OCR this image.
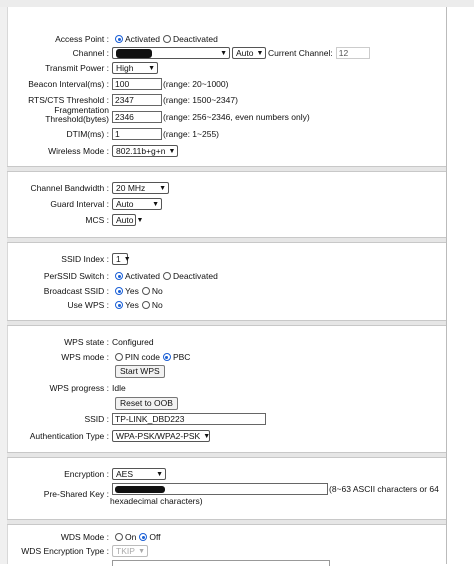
Access Point : Activated Deactivated
Channel :	▼ Auto ▼ Current Channel: 12
Transmit Power : High	▼
Beacon Interval(ms) : 100	(range: 20~1000)
RTS/CTS Threshold : 2347	(range: 1500~2347)
Fragmentation
Threshold(bytes) 2346	(range: 256~2346, even numbers only)
DTIM(ms) : 1	(range: 1~255)
Wireless Mode : 802.11b+g+n ▼
Channel Bandwidth : 20 MHz	▼
Guard Interval : Auto	▼
MCS : Auto ▼
SSID Index : 1 ▼
PerSSID Switch : Activated Deactivated
Broadcast SSID : Yes No
Use WPS : Yes No
WPS state : Configured
WPS mode : PIN code PBC
Start WPS
WPS progress : Idle
Reset to OOB
SSID : TP-LINK_DBD223
Authentication Type : WPA-PSK/WPA2-PSK ▼
Encryption : AES	▼
Pre-Shared Key :	(8~63 ASCII characters or 64
hexadecimal characters)
WDS Mode : On Off
WDS Encryption Type : TKIP ▼
